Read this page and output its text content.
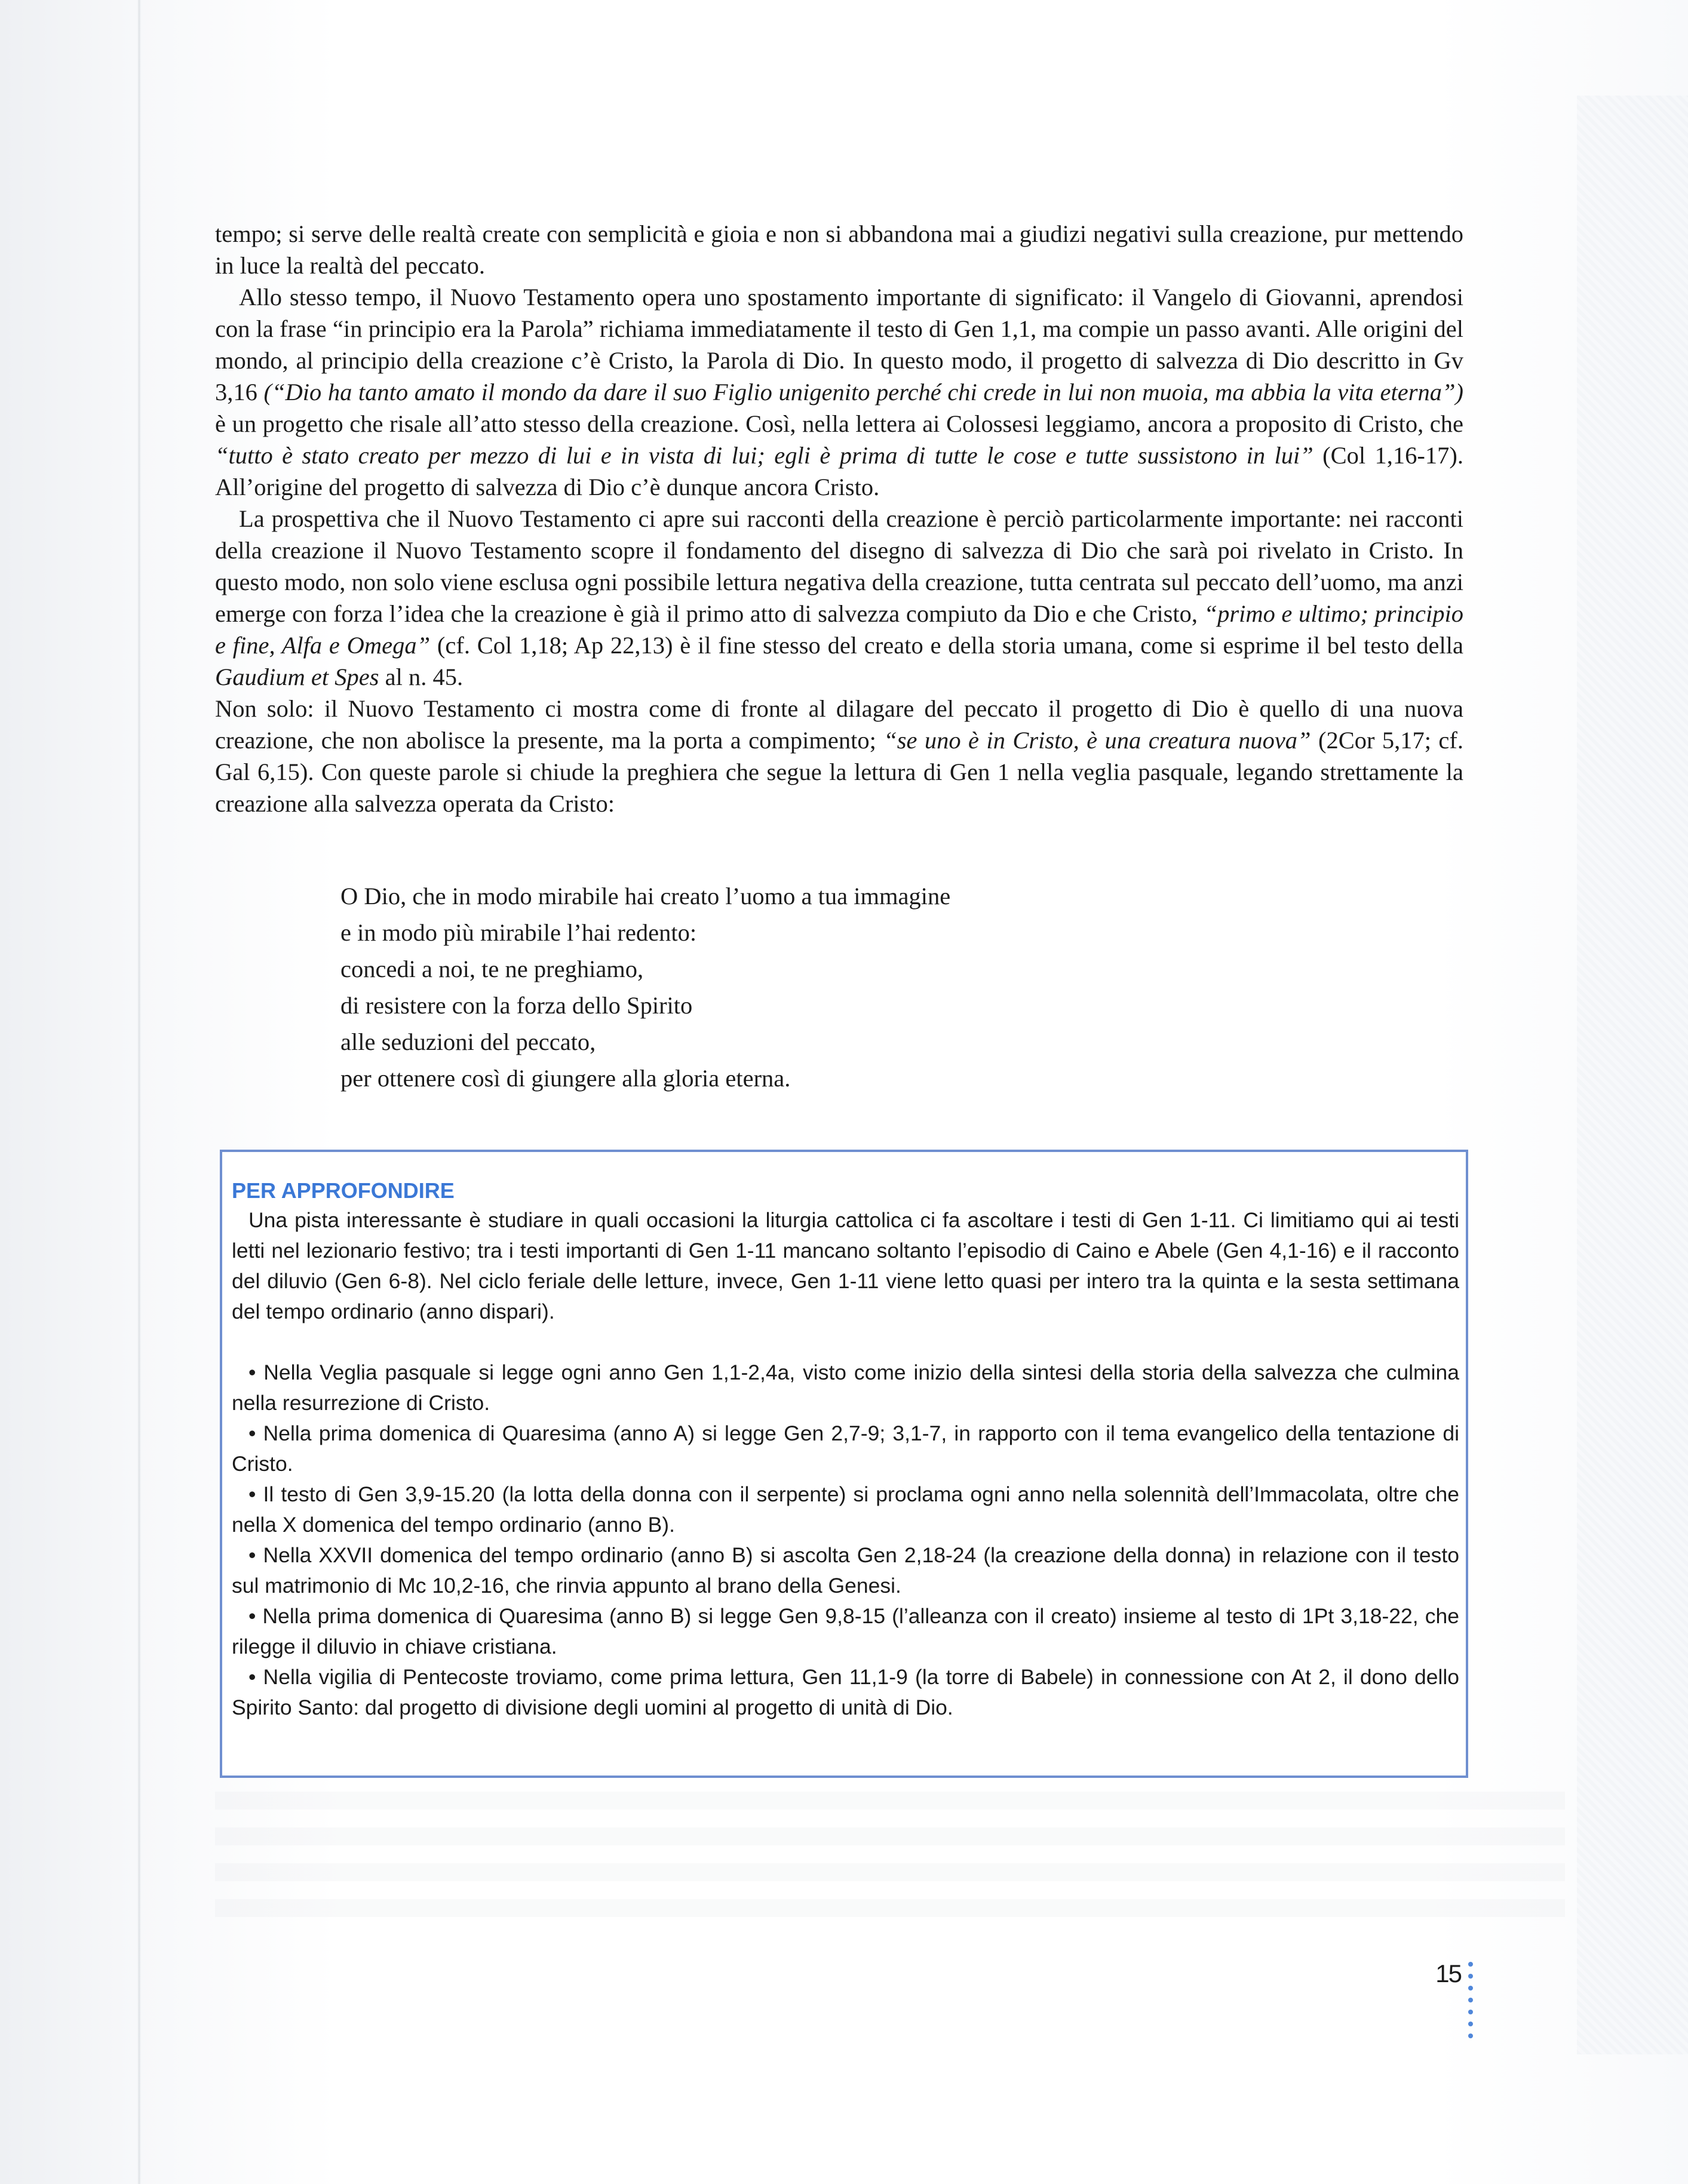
tempo; si serve delle realtà create con semplicità e gioia e non si abbandona mai a giudizi negativi sulla creazione, pur mettendo in luce la realtà del peccato.

Allo stesso tempo, il Nuovo Testamento opera uno spostamento importante di significato: il Vangelo di Giovanni, aprendosi con la frase “in principio era la Parola” richiama immediatamente il testo di Gen 1,1, ma compie un passo avanti. Alle origini del mondo, al principio della creazione c’è Cristo, la Parola di Dio. In questo modo, il progetto di salvezza di Dio descritto in Gv 3,16 (“Dio ha tanto amato il mondo da dare il suo Figlio unigenito perché chi crede in lui non muoia, ma abbia la vita eterna”) è un progetto che risale all’atto stesso della creazione. Così, nella lettera ai Colossesi leggiamo, ancora a proposito di Cristo, che “tutto è stato creato per mezzo di lui e in vista di lui; egli è prima di tutte le cose e tutte sussistono in lui” (Col 1,16-17). All’origine del progetto di salvezza di Dio c’è dunque ancora Cristo.

La prospettiva che il Nuovo Testamento ci apre sui racconti della creazione è perciò particolarmente importante: nei racconti della creazione il Nuovo Testamento scopre il fondamento del disegno di salvezza di Dio che sarà poi rivelato in Cristo. In questo modo, non solo viene esclusa ogni possibile lettura negativa della creazione, tutta centrata sul peccato dell’uomo, ma anzi emerge con forza l’idea che la creazione è già il primo atto di salvezza compiuto da Dio e che Cristo, “primo e ultimo; principio e fine, Alfa e Omega” (cf. Col 1,18; Ap 22,13) è il fine stesso del creato e della storia umana, come si esprime il bel testo della Gaudium et Spes al n. 45.

Non solo: il Nuovo Testamento ci mostra come di fronte al dilagare del peccato il progetto di Dio è quello di una nuova creazione, che non abolisce la presente, ma la porta a compimento; “se uno è in Cristo, è una creatura nuova” (2Cor 5,17; cf. Gal 6,15). Con queste parole si chiude la preghiera che segue la lettura di Gen 1 nella veglia pasquale, legando strettamente la creazione alla salvezza operata da Cristo:

O Dio, che in modo mirabile hai creato l’uomo a tua immagine
e in modo più mirabile l’hai redento:
concedi a noi, te ne preghiamo,
di resistere con la forza dello Spirito
alle seduzioni del peccato,
per ottenere così di giungere alla gloria eterna.
PER APPROFONDIRE

Una pista interessante è studiare in quali occasioni la liturgia cattolica ci fa ascoltare i testi di Gen 1-11. Ci limitiamo qui ai testi letti nel lezionario festivo; tra i testi importanti di Gen 1-11 mancano soltanto l’episodio di Caino e Abele (Gen 4,1-16) e il racconto del diluvio (Gen 6-8). Nel ciclo feriale delle letture, invece, Gen 1-11 viene letto quasi per intero tra la quinta e la sesta settimana del tempo ordinario (anno dispari).

• Nella Veglia pasquale si legge ogni anno Gen 1,1-2,4a, visto come inizio della sintesi della storia della salvezza che culmina nella resurrezione di Cristo.

• Nella prima domenica di Quaresima (anno A) si legge Gen 2,7-9; 3,1-7, in rapporto con il tema evangelico della tentazione di Cristo.

• Il testo di Gen 3,9-15.20 (la lotta della donna con il serpente) si proclama ogni anno nella solennità dell’Immacolata, oltre che nella X domenica del tempo ordinario (anno B).

• Nella XXVII domenica del tempo ordinario (anno B) si ascolta Gen 2,18-24 (la creazione della donna) in relazione con il testo sul matrimonio di Mc 10,2-16, che rinvia appunto al brano della Genesi.

• Nella prima domenica di Quaresima (anno B) si legge Gen 9,8-15 (l’alleanza con il creato) insieme al testo di 1Pt 3,18-22, che rilegge il diluvio in chiave cristiana.

• Nella vigilia di Pentecoste troviamo, come prima lettura, Gen 11,1-9 (la torre di Babele) in connessione con At 2, il dono dello Spirito Santo: dal progetto di divisione degli uomini al progetto di unità di Dio.

15
